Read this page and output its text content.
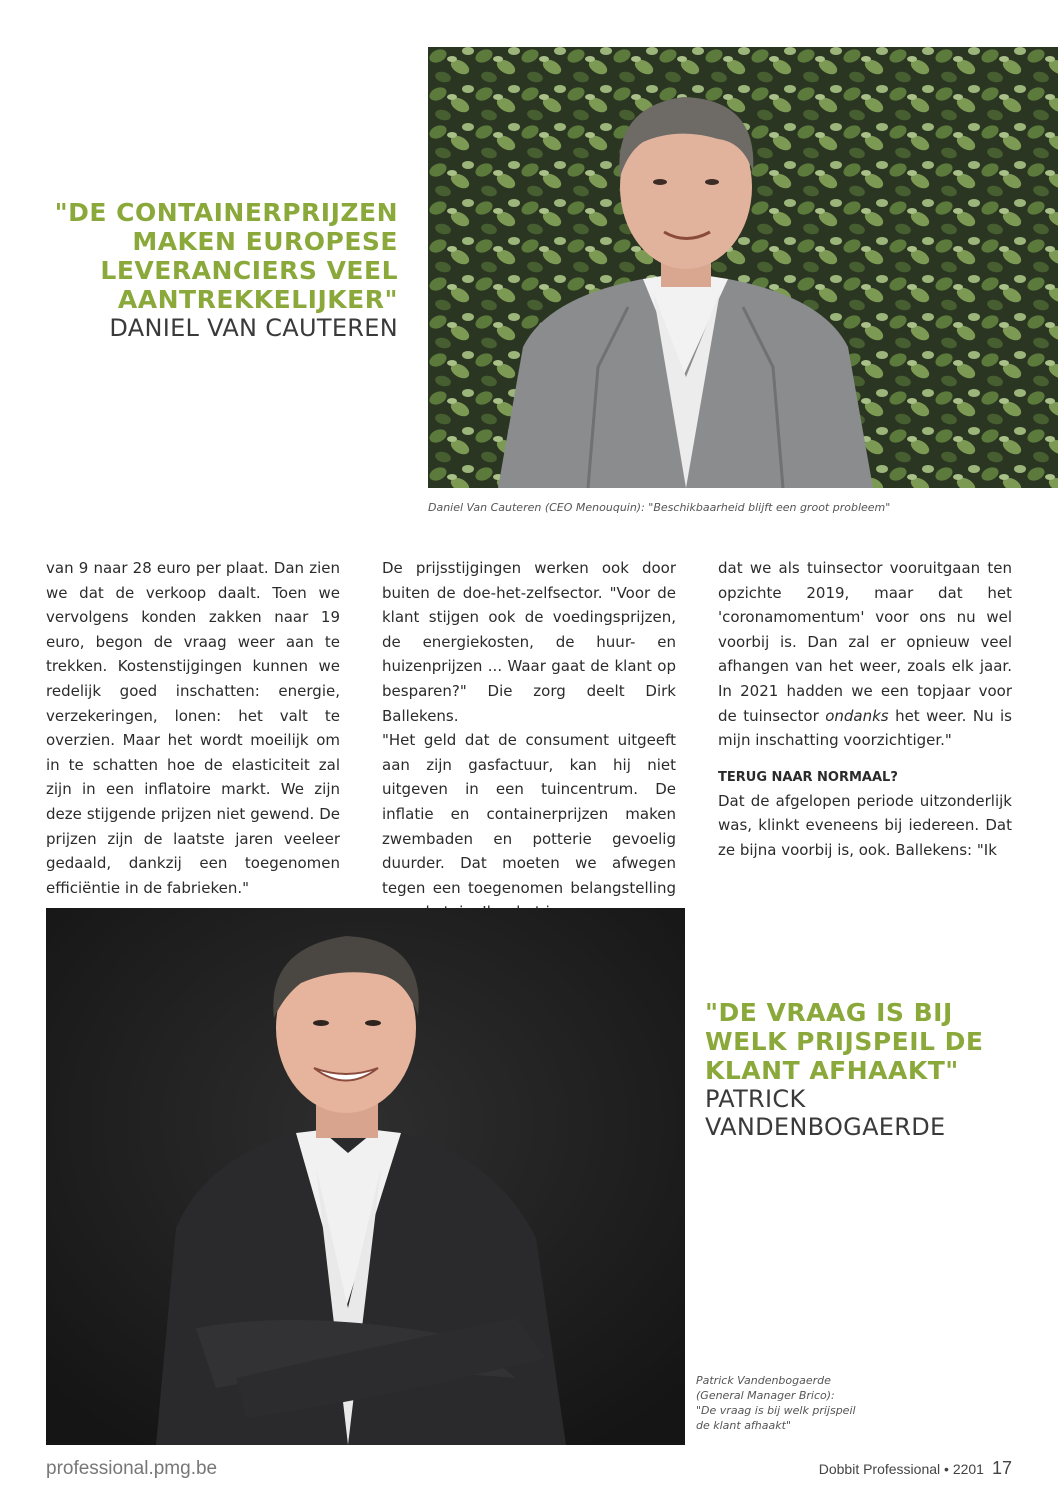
"DE CONTAINERPRIJZEN
MAKEN EUROPESE
LEVERANCIERS VEEL
AANTREKKELIJKER"
DANIEL VAN CAUTEREN
Daniel Van Cauteren (CEO Menouquin): "Beschikbaarheid blijft een groot probleem"

van 9 naar 28 euro per plaat. Dan zien we dat de verkoop daalt. Toen we vervolgens konden zakken naar 19 euro, begon de vraag weer aan te trekken. Kostenstijgingen kunnen we redelijk goed inschatten: energie, verzekeringen, lonen: het valt te overzien. Maar het wordt moeilijk om in te schatten hoe de elasticiteit zal zijn in een inflatoire markt. We zijn deze stijgende prijzen niet gewend. De prijzen zijn de laatste jaren veeleer gedaald, dankzij een toegenomen efficiëntie in de fabrieken."

De prijsstijgingen werken ook door buiten de doe-het-zelfsector. "Voor de klant stijgen ook de voedingsprijzen, de energiekosten, de huur- en huizenprijzen ... Waar gaat de klant op besparen?" Die zorg deelt Dirk Ballekens.

"Het geld dat de consument uitgeeft aan zijn gasfactuur, kan hij niet uitgeven in een tuincentrum. De inflatie en containerprijzen maken zwembaden en potterie gevoelig duurder. Dat moeten we afwegen tegen een toegenomen belangstelling

dat we als tuinsector vooruitgaan ten opzichte 2019, maar dat het 'coronamomentum' voor ons nu wel voorbij is. Dan zal er opnieuw veel afhangen van het weer, zoals elk jaar. In 2021 hadden we een topjaar voor de tuinsector ondanks het weer. Nu is mijn inschatting voorzichtiger."

TERUG NAAR NORMAAL?

Dat de afgelopen periode uitzonderlijk was, klinkt eveneens bij iedereen. Dat ze bijna voorbij is, ook. Ballekens: "Ik

"DE VRAAG IS BIJ
WELK PRIJSPEIL DE
KLANT AFHAAKT"
PATRICK
VANDENBOGAERDE
Patrick Vandenbogaerde
(General Manager Brico):
"De vraag is bij welk prijspeil
de klant afhaakt"
professional.pmg.be	Dobbit Professional • 2201 17
